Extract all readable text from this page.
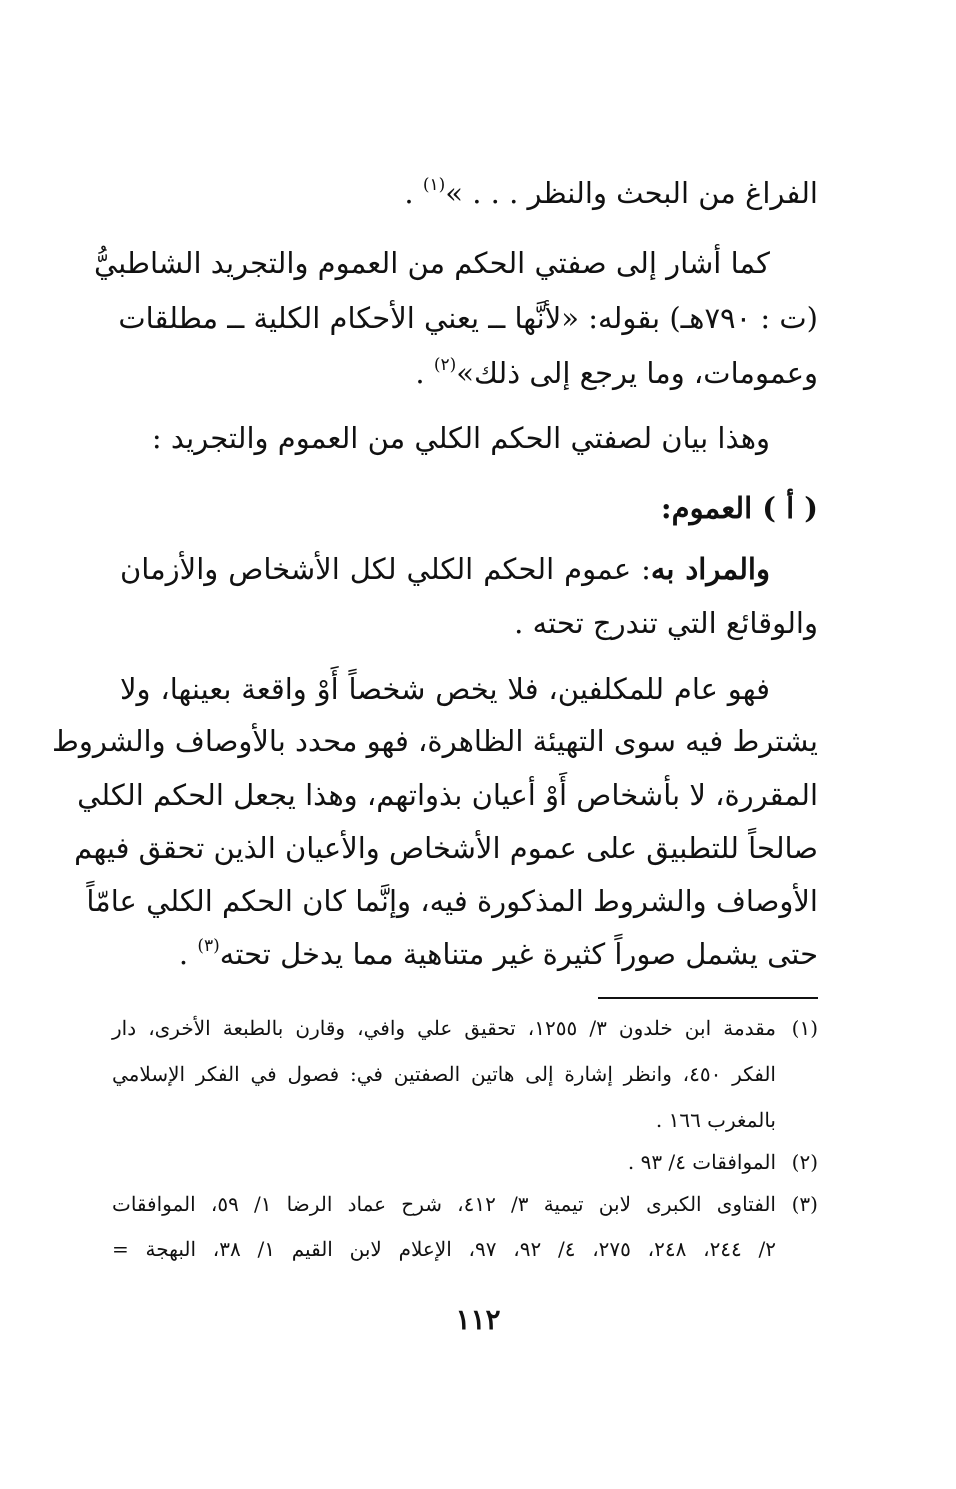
الفراغ من البحث والنظر . . . »$^{(١)}$ .
كما أشار إلى صفتي الحكم من العموم والتجريد الشاطبيُّ
(ت : ٧٩٠هـ) بقوله: «لأنَّها ــ يعني الأحكام الكلية ــ مطلقات
وعمومات، وما يرجع إلى ذلك»$^{(٢)}$ .
وهذا بيان لصفتي الحكم الكلي من العموم والتجريد :
( أ ) العموم:
والمراد به: عموم الحكم الكلي لكل الأشخاص والأزمان
والوقائع التي تندرج تحته .
فهو عام للمكلفين، فلا يخص شخصاً أَوْ واقعة بعينها، ولا
يشترط فيه سوى التهيئة الظاهرة، فهو محدد بالأوصاف والشروط
المقررة، لا بأشخاص أَوْ أعيان بذواتهم، وهذا يجعل الحكم الكلي
صالحاً للتطبيق على عموم الأشخاص والأعيان الذين تحقق فيهم
الأوصاف والشروط المذكورة فيه، وإنَّما كان الحكم الكلي عامّاً
حتى يشمل صوراً كثيرة غير متناهية مما يدخل تحته$^{(٣)}$ .
(١)مقدمة ابن خلدون ٣/ ١٢٥٥، تحقيق علي وافي، وقارن بالطبعة الأخرى، دار
الفكر ٤٥٠، وانظر إشارة إلى هاتين الصفتين في: فصول في الفكر الإسلامي
بالمغرب ١٦٦ .
(٢)الموافقات ٤/ ٩٣ .
(٣)الفتاوى الكبرى لابن تيمية ٣/ ٤١٢، شرح عماد الرضا ١/ ٥٩، الموافقات
٢/ ٢٤٤، ٢٤٨، ٢٧٥، ٤/ ٩٢، ٩٧، الإعلام لابن القيم ١/ ٣٨، البهجة =
١١٢
